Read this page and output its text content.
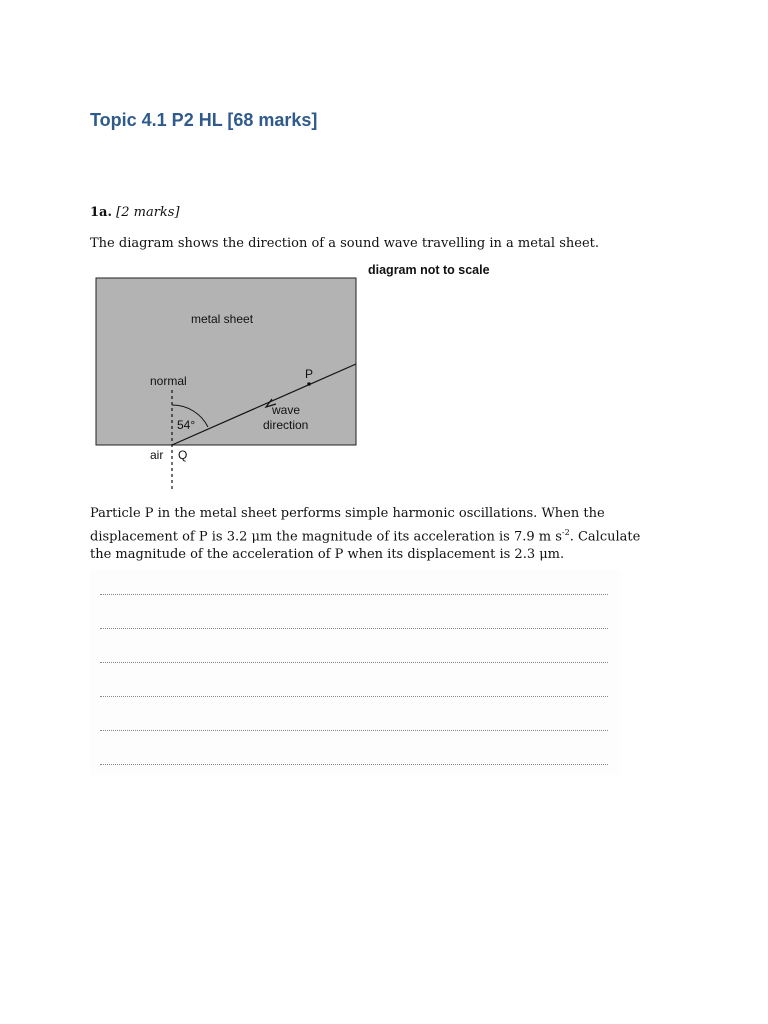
Topic 4.1 P2 HL [68 marks]
1a. [2 marks]
The diagram shows the direction of a sound wave travelling in a metal sheet.
diagram not to scale
metal sheet
normal	P
wave
direction
54°
air Q
Particle P in the metal sheet performs simple harmonic oscillations. When the displacement of P is 3.2 μm the magnitude of its acceleration is 7.9 m $s^{-2}$. Calculate the magnitude of the acceleration of P when its displacement is 2.3 μm.
